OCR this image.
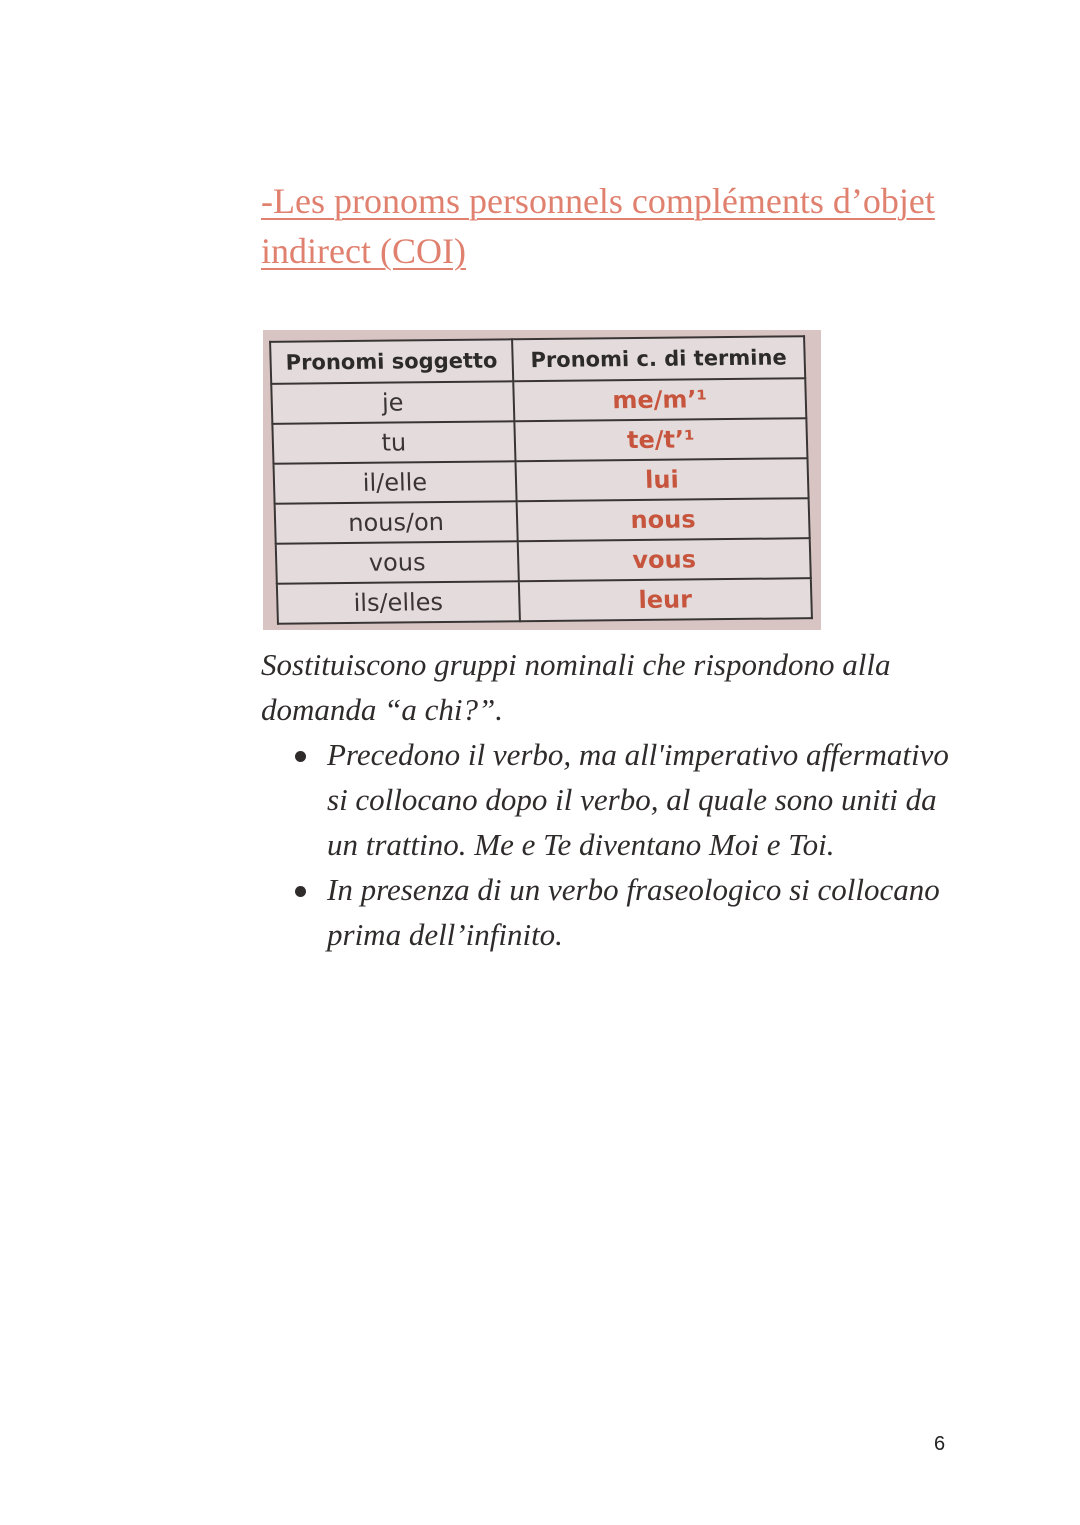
-Les pronoms personnels compléments d’objet indirect (COI)
Pronomi soggetto	Pronomi c. di termine
je	me/m’¹
tu	te/t’¹
il/elle	lui
nous/on	nous
vous	vous
ils/elles	leur

Sostituiscono gruppi nominali che rispondono alla domanda “a chi?”.

Precedono il verbo, ma all'imperativo affermativo si collocano dopo il verbo, al quale sono uniti da un trattino. Me e Te diventano Moi e Toi.
In presenza di un verbo fraseologico si collocano prima dell’infinito.
6
